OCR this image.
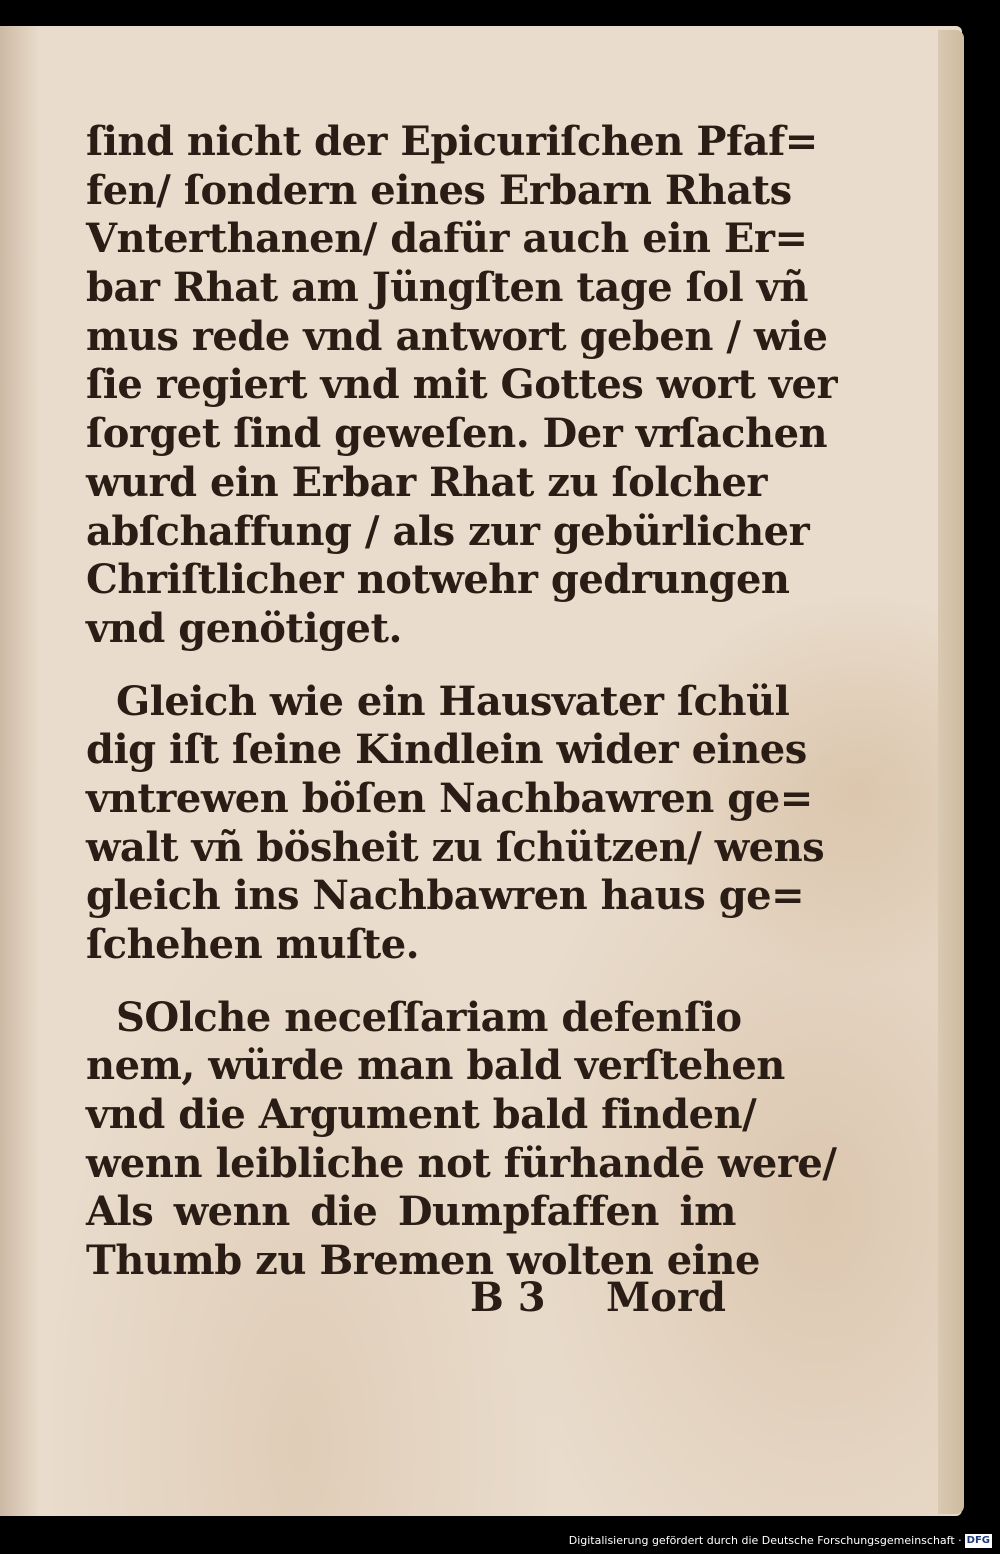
ſind nicht der Epicuriſchen Pfaf=
fen/ ſondern eines Erbarn Rhats
Vnterthanen/ dafür auch ein Er=
bar Rhat am Jüngſten tage ſol vñ
mus rede vnd antwort geben / wie
ſie regiert vnd mit Gottes wort ver
ſorget ſind geweſen. Der vrſachen
wurd ein Erbar Rhat zu ſolcher
abſchaffung / als zur gebürlicher
Chriſtlicher notwehr gedrungen
vnd genötiget.
Gleich wie ein Hausvater ſchül
dig iſt ſeine Kindlein wider eines
vntrewen böſen Nachbawren ge=
walt vñ bösheit zu ſchützen/ wens
gleich ins Nachbawren haus ge=
ſchehen muſte.
SOlche neceſſariam defenſio
nem, würde man bald verſtehen
vnd die Argument bald finden/
wenn leibliche not fürhandē were/
Als wenn die Dumpfaffen im
Thumb zu Bremen wolten eine
B 3 Mord
Digitalisierung gefördert durch die Deutsche Forschungsgemeinschaft · DFG
